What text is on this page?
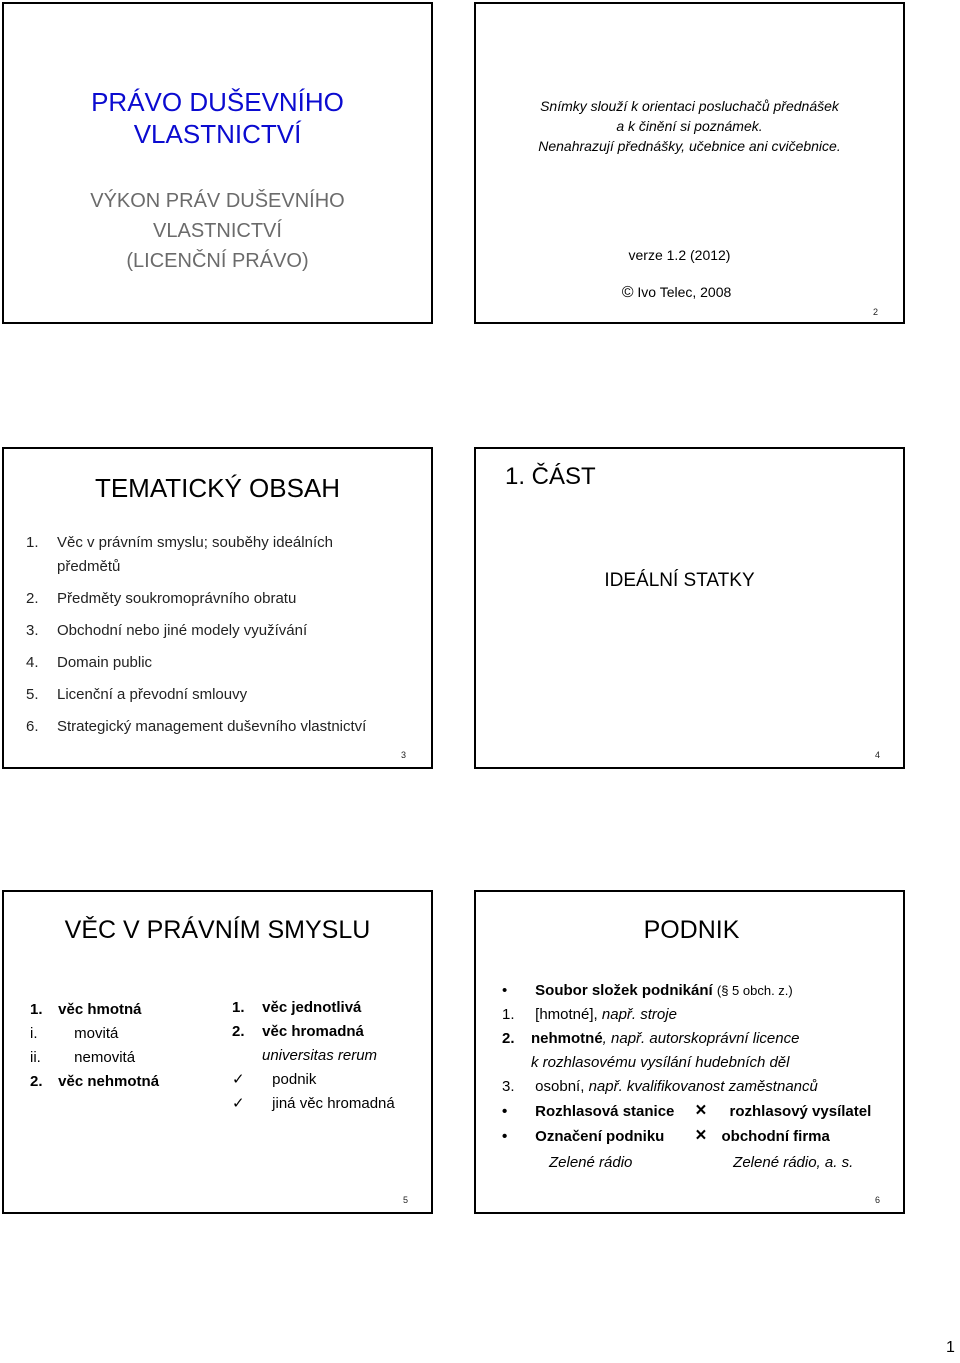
PRÁVO DUŠEVNÍHO
VLASTNICTVÍ
VÝKON PRÁV DUŠEVNÍHO
VLASTNICTVÍ
(LICENČNÍ PRÁVO)
Snímky slouží k orientaci posluchačů přednášek
a k činění si poznámek.
Nenahrazují přednášky, učebnice ani cvičebnice.
verze 1.2 (2012)
© Ivo Telec, 2008
2
TEMATICKÝ OBSAH
1.	Věc v právním smyslu; souběhy ideálních
předmětů
2.	Předměty soukromoprávního obratu
3.	Obchodní nebo jiné modely využívání
4.	Domain public
5.	Licenční a převodní smlouvy
6.	Strategický management duševního vlastnictví
3
1. ČÁST
IDEÁLNÍ STATKY
4
VĚC V PRÁVNÍM SMYSLU
1. věc hmotná
i. movitá
ii. nemovitá
2. věc nehmotná
1. věc jednotlivá
2. věc hromadná
universitas rerum
✓ podnik
✓ jiná věc hromadná
5
PODNIK
• Soubor složek podnikání (§ 5 obch. z.)
1. [hmotné], např. stroje
2. nehmotné, např. autorskoprávní licence
k rozhlasovému vysílání hudebních děl
3. osobní, např. kvalifikovanost zaměstnanců
• Rozhlasová stanice × rozhlasový vysílatel
• Označení podniku × obchodní firma
Zelené rádio	Zelené rádio, a. s.
6
1
